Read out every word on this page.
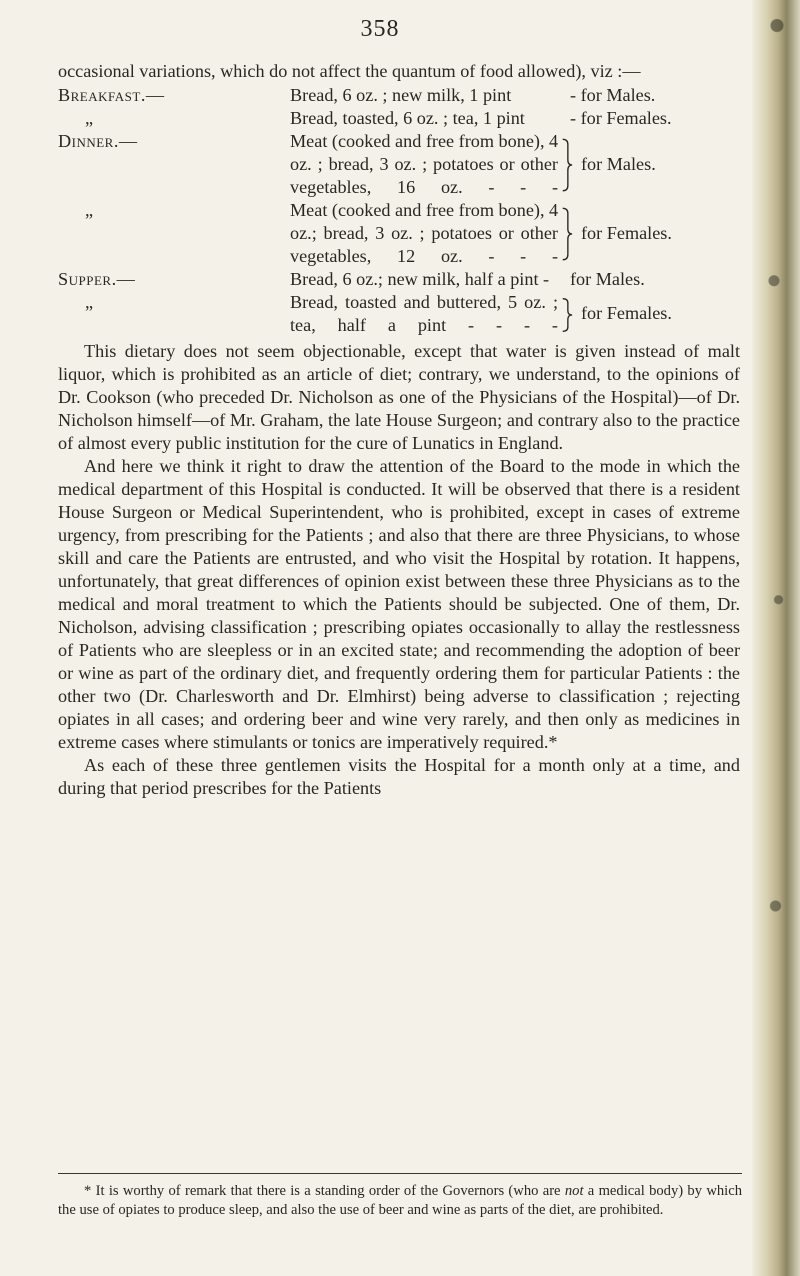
358
occasional variations, which do not affect the quantum of food allowed), viz :—
Breakfast.—	Bread, 6 oz. ; new milk, 1 pint	- for Males.
„	Bread, toasted, 6 oz. ; tea, 1 pint - for Females.
Dinner.—	Meat (cooked and free from bone), 4
oz. ; bread, 3 oz. ; potatoes or other
vegetables, 16 oz. - - -
for Males.
„	Meat (cooked and free from bone), 4
oz.; bread, 3 oz. ; potatoes or other
vegetables, 12 oz. - - -
for Females.
Supper.—	Bread, 6 oz.; new milk, half a pint - for Males.
„	Bread, toasted and buttered, 5 oz. ;
tea, half a pint - - - -
for Females.

This dietary does not seem objectionable, except that water is given instead of malt liquor, which is prohibited as an article of diet; contrary, we understand, to the opinions of Dr. Cookson (who preceded Dr. Nicholson as one of the Physicians of the Hospital)—of Dr. Nicholson himself—of Mr. Graham, the late House Surgeon; and contrary also to the practice of almost every public institution for the cure of Lunatics in England.

And here we think it right to draw the attention of the Board to the mode in which the medical department of this Hospital is conducted. It will be observed that there is a resident House Surgeon or Medical Superintendent, who is prohibited, except in cases of extreme urgency, from prescribing for the Patients ; and also that there are three Physicians, to whose skill and care the Patients are entrusted, and who visit the Hospital by rotation. It happens, unfortunately, that great differences of opinion exist between these three Physicians as to the medical and moral treatment to which the Patients should be subjected. One of them, Dr. Nicholson, advising classification ; prescribing opiates occasionally to allay the restlessness of Patients who are sleepless or in an excited state; and recommending the adoption of beer or wine as part of the ordinary diet, and frequently ordering them for particular Patients : the other two (Dr. Charlesworth and Dr. Elmhirst) being adverse to classification ; rejecting opiates in all cases; and ordering beer and wine very rarely, and then only as medicines in extreme cases where stimulants or tonics are imperatively required.*

As each of these three gentlemen visits the Hospital for a month only at a time, and during that period prescribes for the Patients

* It is worthy of remark that there is a standing order of the Governors (who are not a medical body) by which the use of opiates to produce sleep, and also the use of beer and wine as parts of the diet, are prohibited.
